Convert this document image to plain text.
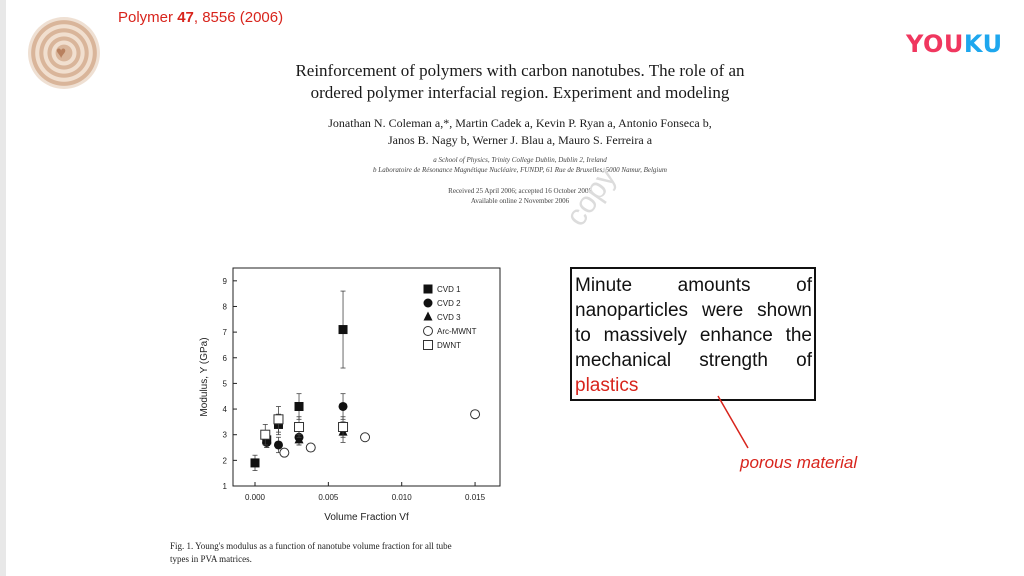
Polymer 47, 8556 (2006)
♥	YOUKU
Reinforcement of polymers with carbon nanotubes. The role of an
ordered polymer interfacial region. Experiment and modeling
Jonathan N. Coleman a,*, Martin Cadek a, Kevin P. Ryan a, Antonio Fonseca b,
Janos B. Nagy b, Werner J. Blau a, Mauro S. Ferreira a
a School of Physics, Trinity College Dublin, Dublin 2, Ireland
b Laboratoire de Résonance Magnétique Nucléaire, FUNDP, 61 Rue de Bruxelles, 5000 Namur, Belgium
Received 25 April 2006; accepted 16 October 2006
Available online 2 November 2006
copy
0.000	0.005	0.010	0.015
1
2
3
4
5
6
7
8
9
Volume Fraction Vf
Modulus, Y (GPa)
CVD 1
CVD 2
CVD 3
Arc-MWNT
DWNT
Fig. 1. Young's modulus as a function of nanotube volume fraction for all tube
types in PVA matrices.
Minute amounts of nanoparticles were shown to massively enhance the mechanical strength of plastics
porous material
